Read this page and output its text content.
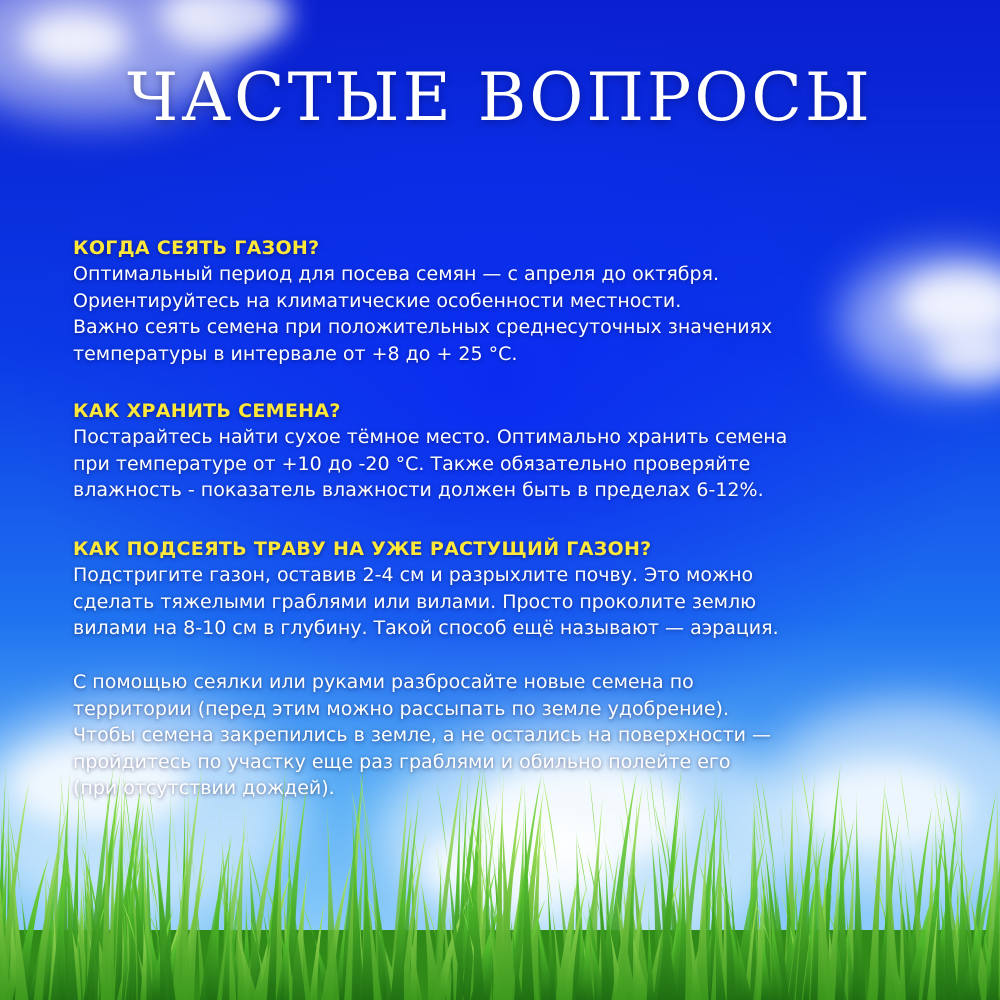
ЧАСТЫЕ ВОПРОСЫ
КОГДА СЕЯТЬ ГАЗОН?

Оптимальный период для посева семян — с апреля до октября.
Ориентируйтесь на климатические особенности местности.
Важно сеять семена при положительных среднесуточных значениях
температуры в интервале от +8 до + 25 °C.

КАК ХРАНИТЬ СЕМЕНА?

Постарайтесь найти сухое тёмное место. Оптимально хранить семена
при температуре от +10 до -20 °C. Также обязательно проверяйте
влажность - показатель влажности должен быть в пределах 6-12%.

КАК ПОДСЕЯТЬ ТРАВУ НА УЖЕ РАСТУЩИЙ ГАЗОН?

Подстригите газон, оставив 2-4 см и разрыхлите почву. Это можно
сделать тяжелыми граблями или вилами. Просто проколите землю
вилами на 8-10 см в глубину. Такой способ ещё называют — аэрация.

С помощью сеялки или руками разбросайте новые семена по
территории (перед этим можно рассыпать по земле удобрение).
Чтобы семена закрепились в земле, а не остались на поверхности —
пройдитесь по участку еще раз граблями и обильно полейте его
(при отсутствии дождей).
